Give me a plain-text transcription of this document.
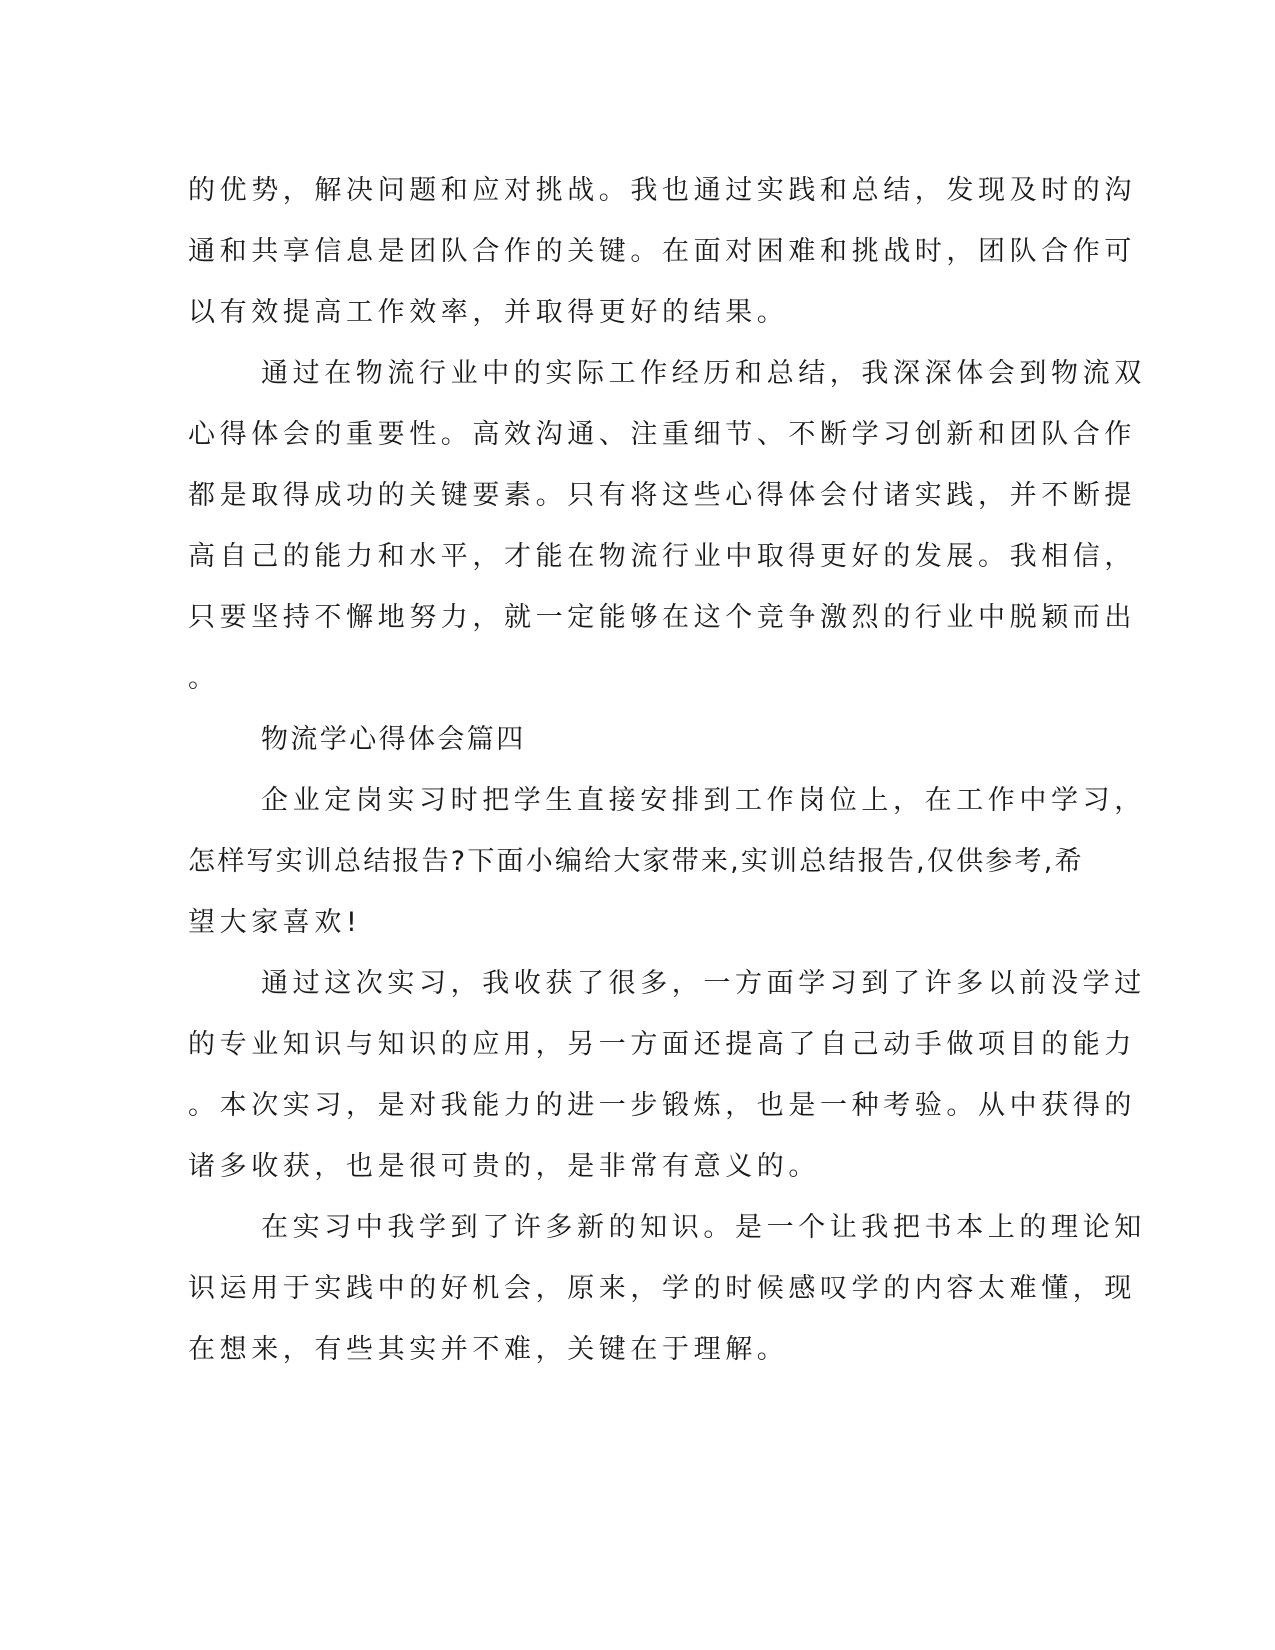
的优势，解决问题和应对挑战。我也通过实践和总结，发现及时的沟
通和共享信息是团队合作的关键。在面对困难和挑战时，团队合作可
以有效提高工作效率，并取得更好的结果。
通过在物流行业中的实际工作经历和总结，我深深体会到物流双
心得体会的重要性。高效沟通、注重细节、不断学习创新和团队合作
都是取得成功的关键要素。只有将这些心得体会付诸实践，并不断提
高自己的能力和水平，才能在物流行业中取得更好的发展。我相信，
只要坚持不懈地努力，就一定能够在这个竞争激烈的行业中脱颖而出
。
物流学心得体会篇四
企业定岗实习时把学生直接安排到工作岗位上，在工作中学习，
怎样写实训总结报告?下面小编给大家带来,实训总结报告,仅供参考,希
望大家喜欢!
通过这次实习，我收获了很多，一方面学习到了许多以前没学过
的专业知识与知识的应用，另一方面还提高了自己动手做项目的能力
。本次实习，是对我能力的进一步锻炼，也是一种考验。从中获得的
诸多收获，也是很可贵的，是非常有意义的。
在实习中我学到了许多新的知识。是一个让我把书本上的理论知
识运用于实践中的好机会，原来，学的时候感叹学的内容太难懂，现
在想来，有些其实并不难，关键在于理解。
